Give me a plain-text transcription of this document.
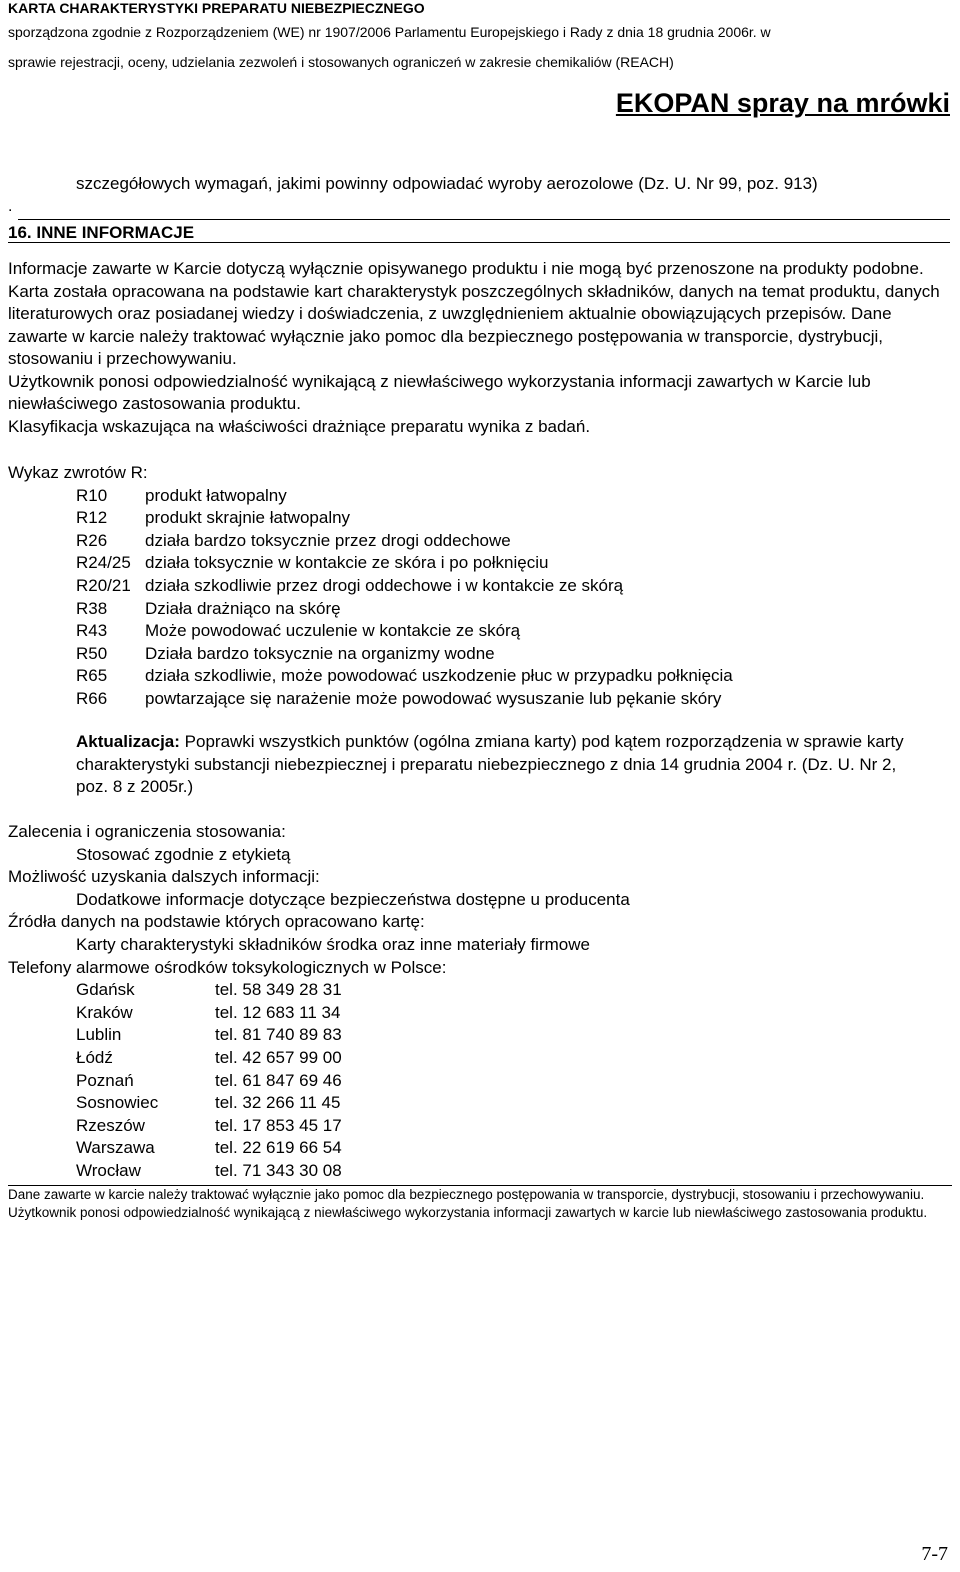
KARTA CHARAKTERYSTYKI PREPARATU NIEBEZPIECZNEGO
sporządzona zgodnie z Rozporządzeniem (WE) nr 1907/2006 Parlamentu Europejskiego i Rady z dnia 18 grudnia 2006r. w
sprawie rejestracji, oceny, udzielania zezwoleń i stosowanych ograniczeń w zakresie chemikaliów (REACH)
EKOPAN spray na mrówki
szczegółowych wymagań, jakimi powinny odpowiadać wyroby aerozolowe (Dz. U. Nr 99, poz. 913)
.
16. INNE INFORMACJE

Informacje zawarte w Karcie dotyczą wyłącznie opisywanego produktu i nie mogą być przenoszone na produkty podobne. Karta została opracowana na podstawie kart charakterystyk poszczególnych składników, danych na temat produktu, danych literaturowych oraz posiadanej wiedzy i doświadczenia, z uwzględnieniem aktualnie obowiązujących przepisów. Dane zawarte w karcie należy traktować wyłącznie jako pomoc dla bezpiecznego postępowania w transporcie, dystrybucji, stosowaniu i przechowywaniu.

Użytkownik ponosi odpowiedzialność wynikającą z niewłaściwego wykorzystania informacji zawartych w Karcie lub niewłaściwego zastosowania produktu.

Klasyfikacja wskazująca na właściwości drażniące preparatu wynika z badań.

Wykaz zwrotów R:
R10	produkt łatwopalny
R12	produkt skrajnie łatwopalny
R26	działa bardzo toksycznie przez drogi oddechowe
R24/25 działa toksycznie w kontakcie ze skóra i po połknięciu
R20/21 działa szkodliwie przez drogi oddechowe i w kontakcie ze skórą
R38	Działa drażniąco na skórę
R43	Może powodować uczulenie w kontakcie ze skórą
R50	Działa bardzo toksycznie na organizmy wodne
R65	działa szkodliwie, może powodować uszkodzenie płuc w przypadku połknięcia
R66	powtarzające się narażenie może powodować wysuszanie lub pękanie skóry
Aktualizacja: Poprawki wszystkich punktów (ogólna zmiana karty) pod kątem rozporządzenia w sprawie karty charakterystyki substancji niebezpiecznej i preparatu niebezpiecznego z dnia 14 grudnia 2004 r. (Dz. U. Nr 2, poz. 8 z 2005r.)
Zalecenia i ograniczenia stosowania:
Stosować zgodnie z etykietą
Możliwość uzyskania dalszych informacji:
Dodatkowe informacje dotyczące bezpieczeństwa dostępne u producenta
Źródła danych na podstawie których opracowano kartę:
Karty charakterystyki składników środka oraz inne materiały firmowe
Telefony alarmowe ośrodków toksykologicznych w Polsce:
Gdańsk	tel. 58 349 28 31
Kraków	tel. 12 683 11 34
Lublin	tel. 81 740 89 83
Łódź	tel. 42 657 99 00
Poznań	tel. 61 847 69 46
Sosnowiec	tel. 32 266 11 45
Rzeszów	tel. 17 853 45 17
Warszawa	tel. 22 619 66 54
Wrocław	tel. 71 343 30 08
Dane zawarte w karcie należy traktować wyłącznie jako pomoc dla bezpiecznego postępowania w transporcie, dystrybucji, stosowaniu i przechowywaniu. Użytkownik ponosi odpowiedzialność wynikającą z niewłaściwego wykorzystania informacji zawartych w karcie lub niewłaściwego zastosowania produktu.
7-7
